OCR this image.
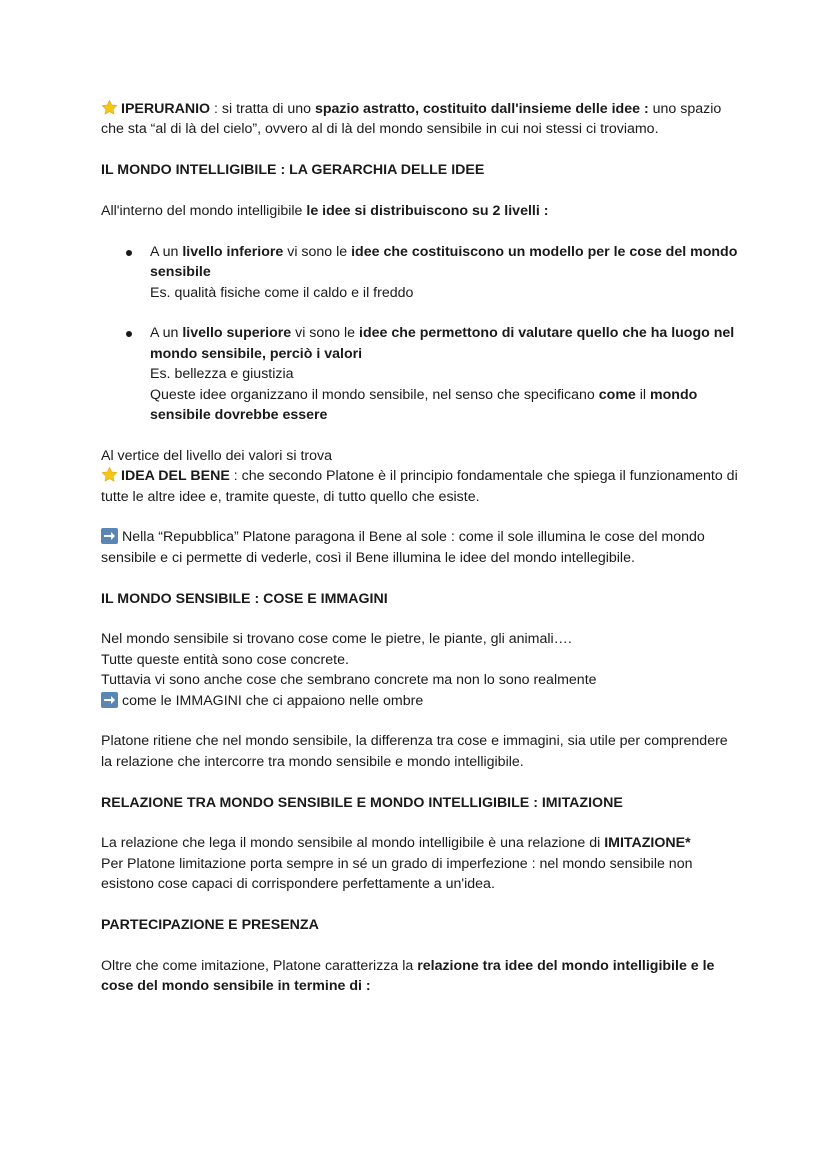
IPERURANIO : si tratta di uno spazio astratto, costituito dall'insieme delle idee : uno spazio che sta “al di là del cielo”, ovvero al di là del mondo sensibile in cui noi stessi ci troviamo.

IL MONDO INTELLIGIBILE : LA GERARCHIA DELLE IDEE

All'interno del mondo intelligibile le idee si distribuiscono su 2 livelli :

A un livello inferiore vi sono le idee che costituiscono un modello per le cose del mondo sensibile
Es. qualità fisiche come il caldo e il freddo
A un livello superiore vi sono le idee che permettono di valutare quello che ha luogo nel mondo sensibile, perciò i valori
Es. bellezza e giustizia
Queste idee organizzano il mondo sensibile, nel senso che specificano come il mondo sensibile dovrebbe essere

Al vertice del livello dei valori si trova

IDEA DEL BENE : che secondo Platone è il principio fondamentale che spiega il funzionamento di tutte le altre idee e, tramite queste, di tutto quello che esiste.

Nella “Repubblica” Platone paragona il Bene al sole : come il sole illumina le cose del mondo sensibile e ci permette di vederle, così il Bene illumina le idee del mondo intellegibile.

IL MONDO SENSIBILE : COSE E IMMAGINI

Nel mondo sensibile si trovano cose come le pietre, le piante, gli animali….

Tutte queste entità sono cose concrete.

Tuttavia vi sono anche cose che sembrano concrete ma non lo sono realmente

come le IMMAGINI che ci appaiono nelle ombre

Platone ritiene che nel mondo sensibile, la differenza tra cose e immagini, sia utile per comprendere la relazione che intercorre tra mondo sensibile e mondo intelligibile.

RELAZIONE TRA MONDO SENSIBILE E MONDO INTELLIGIBILE : IMITAZIONE

La relazione che lega il mondo sensibile al mondo intelligibile è una relazione di IMITAZIONE*

Per Platone limitazione porta sempre in sé un grado di imperfezione : nel mondo sensibile non esistono cose capaci di corrispondere perfettamente a un'idea.

PARTECIPAZIONE E PRESENZA

Oltre che come imitazione, Platone caratterizza la relazione tra idee del mondo intelligibile e le cose del mondo sensibile in termine di :
